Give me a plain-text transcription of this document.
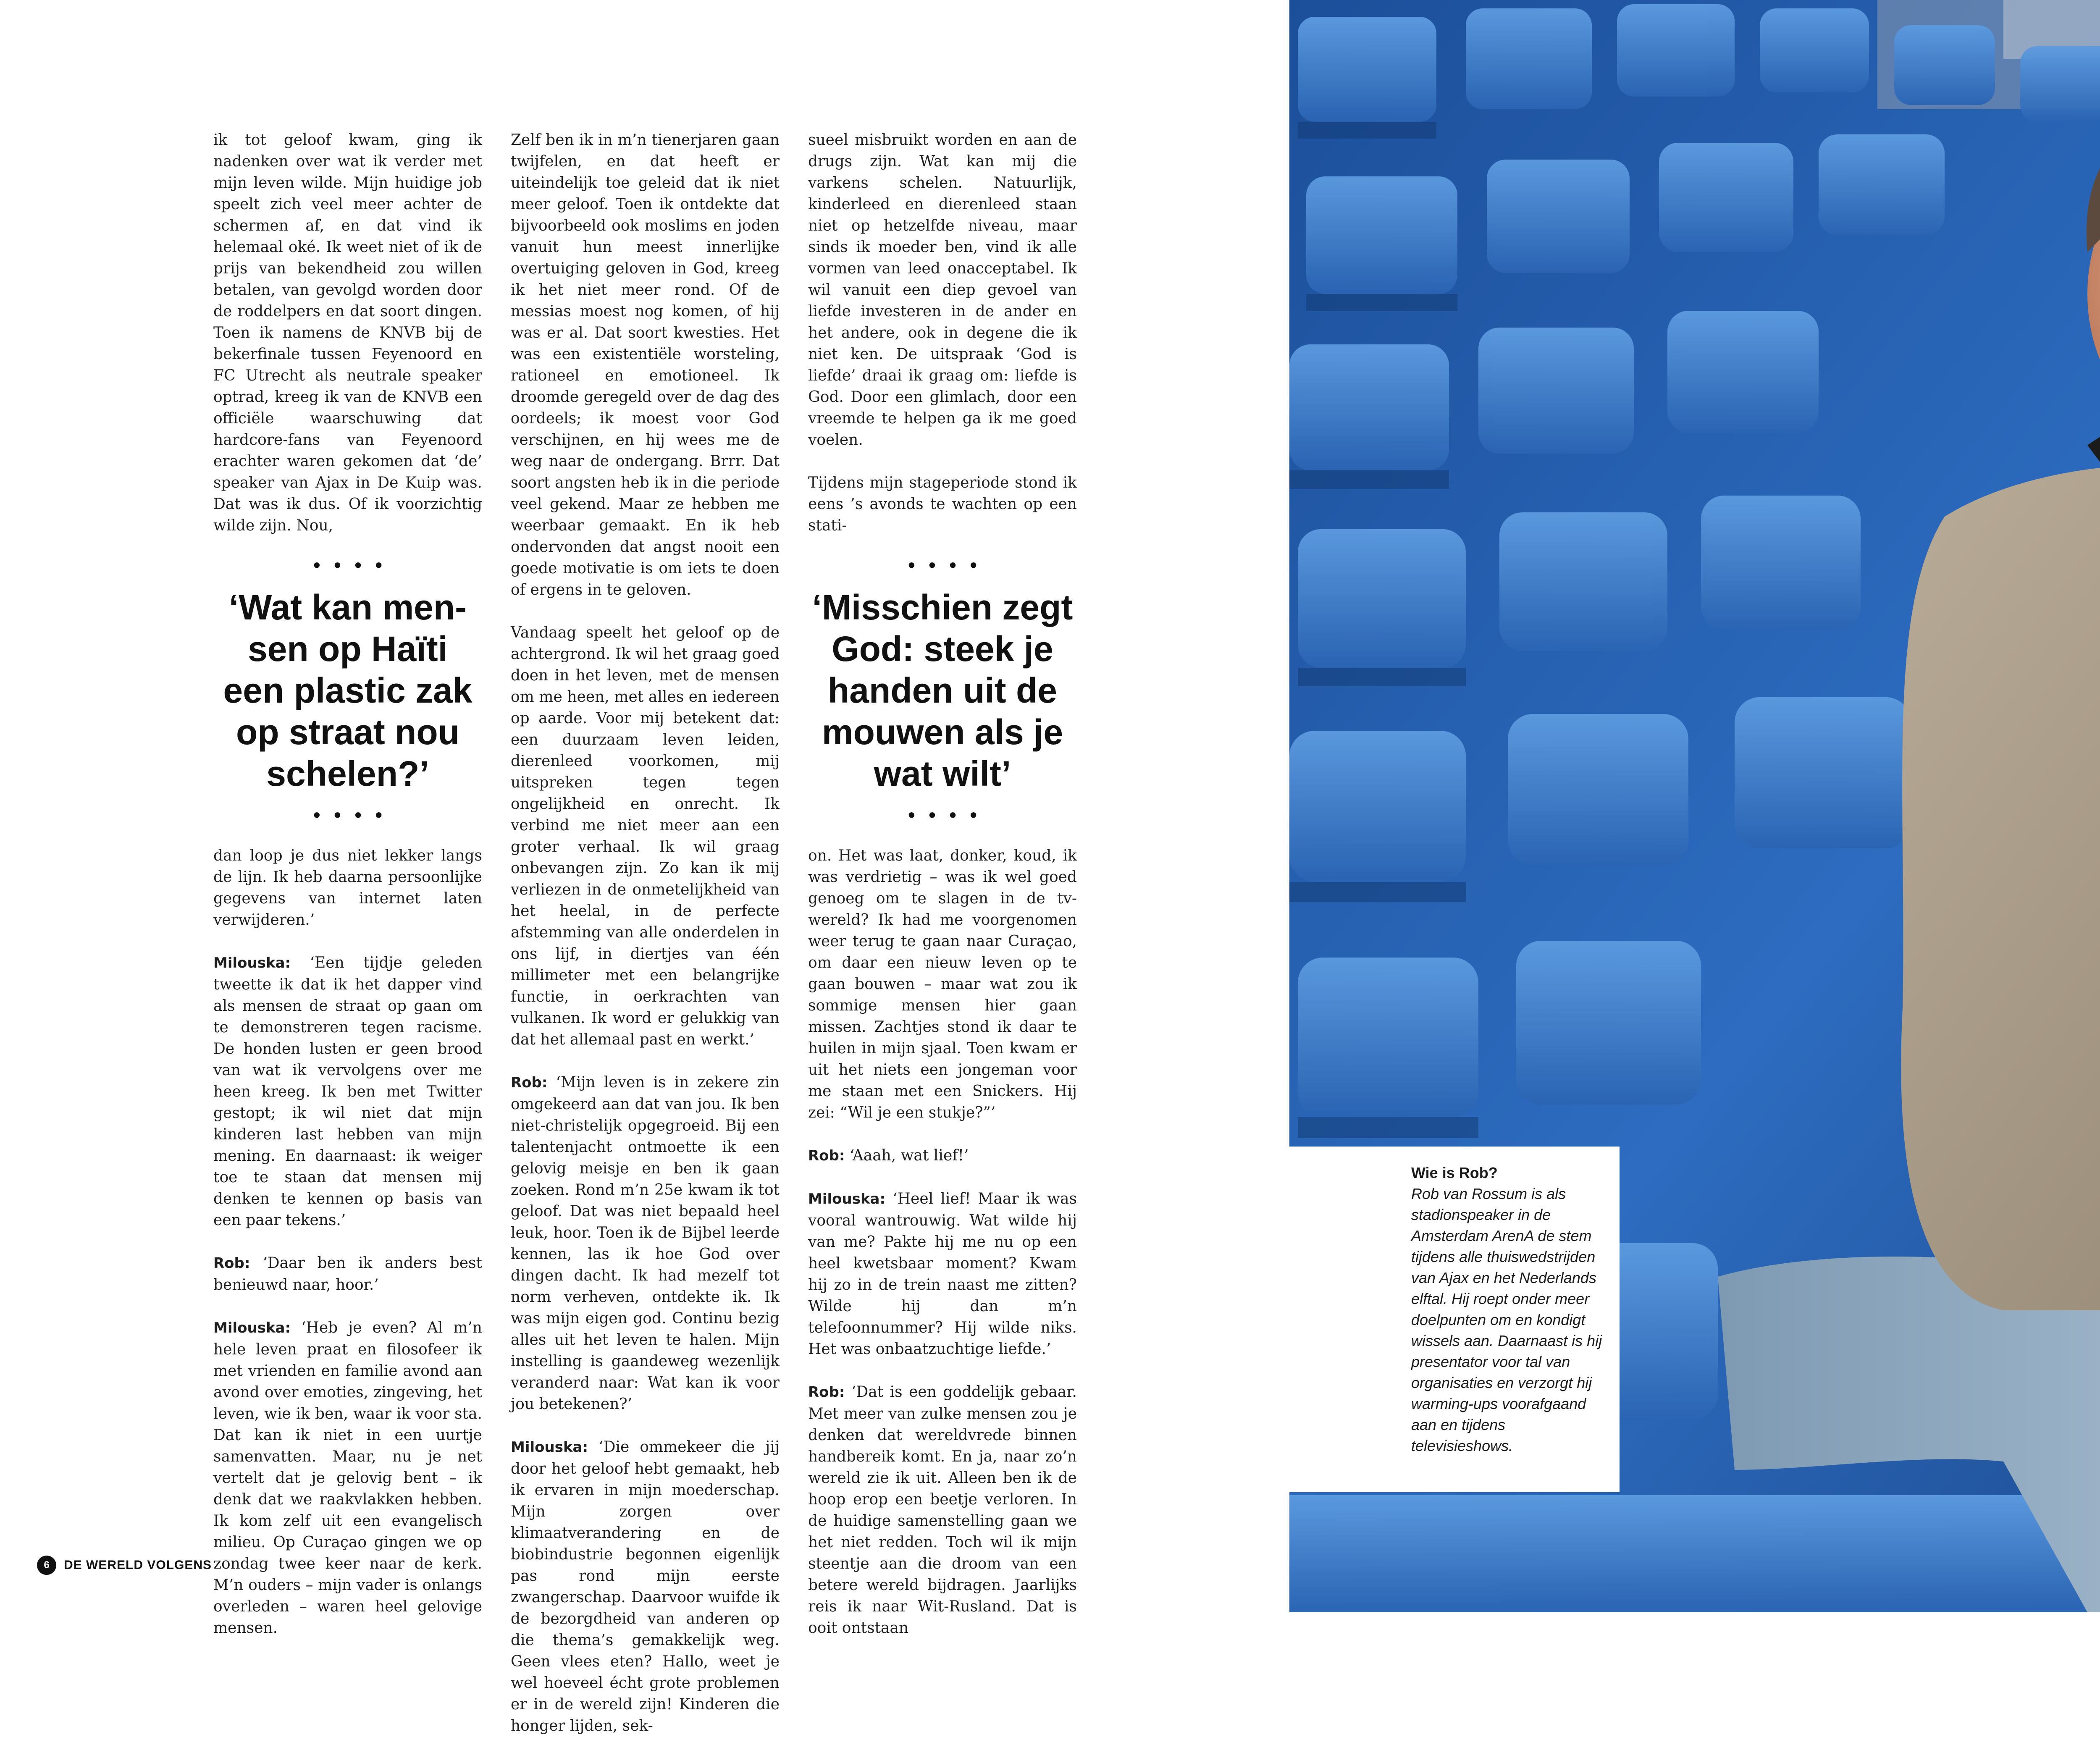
ik tot geloof kwam, ging ik nadenken over wat ik verder met mijn leven wilde. Mijn huidige job speelt zich veel meer achter de schermen af, en dat vind ik helemaal oké. Ik weet niet of ik de prijs van bekendheid zou willen betalen, van gevolgd worden door de roddelpers en dat soort dingen. Toen ik namens de KNVB bij de bekerfinale tussen Feyenoord en FC Utrecht als neutrale speaker optrad, kreeg ik van de KNVB een officiële waarschuwing dat hardcore-fans van Feyenoord erachter waren gekomen dat ‘de’ speaker van Ajax in De Kuip was. Dat was ik dus. Of ik voorzichtig wilde zijn. Nou,

••••
‘Wat kan men-sen op Haïti een plastic zak op straat nou schelen?’
••••

dan loop je dus niet lekker langs de lijn. Ik heb daarna persoonlijke gegevens van internet laten verwijderen.’

Milouska: ‘Een tijdje geleden tweette ik dat ik het dapper vind als mensen de straat op gaan om te demonstreren tegen racisme. De honden lusten er geen brood van wat ik vervolgens over me heen kreeg. Ik ben met Twitter gestopt; ik wil niet dat mijn kinderen last hebben van mijn mening. En daarnaast: ik weiger toe te staan dat mensen mij denken te kennen op basis van een paar tekens.’

Rob: ‘Daar ben ik anders best benieuwd naar, hoor.’

Milouska: ‘Heb je even? Al m’n hele leven praat en filosofeer ik met vrienden en familie avond aan avond over emoties, zingeving, het leven, wie ik ben, waar ik voor sta. Dat kan ik niet in een uurtje samenvatten. Maar, nu je net vertelt dat je gelovig bent – ik denk dat we raakvlakken hebben. Ik kom zelf uit een evangelisch milieu. Op Curaçao gingen we op zondag twee keer naar de kerk. M’n ouders – mijn vader is onlangs overleden – waren heel gelovige mensen.

Zelf ben ik in m’n tienerjaren gaan twijfelen, en dat heeft er uiteindelijk toe geleid dat ik niet meer geloof. Toen ik ontdekte dat bijvoorbeeld ook moslims en joden vanuit hun meest innerlijke overtuiging geloven in God, kreeg ik het niet meer rond. Of de messias moest nog komen, of hij was er al. Dat soort kwesties. Het was een existentiële worsteling, rationeel en emotioneel. Ik droomde geregeld over de dag des oordeels; ik moest voor God verschijnen, en hij wees me de weg naar de ondergang. Brrr. Dat soort angsten heb ik in die periode veel gekend. Maar ze hebben me weerbaar gemaakt. En ik heb ondervonden dat angst nooit een goede motivatie is om iets te doen of ergens in te geloven.

Vandaag speelt het geloof op de achtergrond. Ik wil het graag goed doen in het leven, met de mensen om me heen, met alles en iedereen op aarde. Voor mij betekent dat: een duurzaam leven leiden, dierenleed voorkomen, mij uitspreken tegen tegen ongelijkheid en onrecht. Ik verbind me niet meer aan een groter verhaal. Ik wil graag onbevangen zijn. Zo kan ik mij verliezen in de onmetelijkheid van het heelal, in de perfecte afstemming van alle onderdelen in ons lijf, in diertjes van één millimeter met een belangrijke functie, in oerkrachten van vulkanen. Ik word er gelukkig van dat het allemaal past en werkt.’

Rob: ‘Mijn leven is in zekere zin omgekeerd aan dat van jou. Ik ben niet-christelijk opgegroeid. Bij een talentenjacht ontmoette ik een gelovig meisje en ben ik gaan zoeken. Rond m’n 25e kwam ik tot geloof. Dat was niet bepaald heel leuk, hoor. Toen ik de Bijbel leerde kennen, las ik hoe God over dingen dacht. Ik had mezelf tot norm verheven, ontdekte ik. Ik was mijn eigen god. Continu bezig alles uit het leven te halen. Mijn instelling is gaandeweg wezenlijk veranderd naar: Wat kan ik voor jou betekenen?’

Milouska: ‘Die ommekeer die jij door het geloof hebt gemaakt, heb ik ervaren in mijn moederschap. Mijn zorgen over klimaatverandering en de biobindustrie begonnen eigenlijk pas rond mijn eerste zwangerschap. Daarvoor wuifde ik de bezorgdheid van anderen op die thema’s gemakkelijk weg. Geen vlees eten? Hallo, weet je wel hoeveel écht grote problemen er in de wereld zijn! Kinderen die honger lijden, sek-

sueel misbruikt worden en aan de drugs zijn. Wat kan mij die varkens schelen. Natuurlijk, kinderleed en dierenleed staan niet op hetzelfde niveau, maar sinds ik moeder ben, vind ik alle vormen van leed onacceptabel. Ik wil vanuit een diep gevoel van liefde investeren in de ander en het andere, ook in degene die ik niet ken. De uitspraak ‘God is liefde’ draai ik graag om: liefde is God. Door een glimlach, door een vreemde te helpen ga ik me goed voelen.

Tijdens mijn stageperiode stond ik eens ’s avonds te wachten op een stati-

••••
‘Misschien zegt God: steek je handen uit de mouwen als je wat wilt’
••••

on. Het was laat, donker, koud, ik was verdrietig – was ik wel goed genoeg om te slagen in de tv-wereld? Ik had me voorgenomen weer terug te gaan naar Curaçao, om daar een nieuw leven op te gaan bouwen – maar wat zou ik sommige mensen hier gaan missen. Zachtjes stond ik daar te huilen in mijn sjaal. Toen kwam er uit het niets een jongeman voor me staan met een Snickers. Hij zei: “Wil je een stukje?”’

Rob: ‘Aaah, wat lief!’

Milouska: ‘Heel lief! Maar ik was vooral wantrouwig. Wat wilde hij van me? Pakte hij me nu op een heel kwetsbaar moment? Kwam hij zo in de trein naast me zitten? Wilde hij dan m’n telefoonnummer? Hij wilde niks. Het was onbaatzuchtige liefde.’

Rob: ‘Dat is een goddelijk gebaar. Met meer van zulke mensen zou je denken dat wereldvrede binnen handbereik komt. En ja, naar zo’n wereld zie ik uit. Alleen ben ik de hoop erop een beetje verloren. In de huidige samenstelling gaan we het niet redden. Toch wil ik mijn steentje aan die droom van een betere wereld bijdragen. Jaarlijks reis ik naar Wit-Rusland. Dat is ooit ontstaan

6	DE WERELD VOLGENS
Wie is Rob?
Rob van Rossum is als stadionspeaker in de Amsterdam ArenA de stem tijdens alle thuiswedstrijden van Ajax en het Nederlands elftal. Hij roept onder meer doelpunten om en kondigt wissels aan. Daarnaast is hij presentator voor tal van organisaties en verzorgt hij warming-ups voorafgaand aan en tijdens televisieshows.
